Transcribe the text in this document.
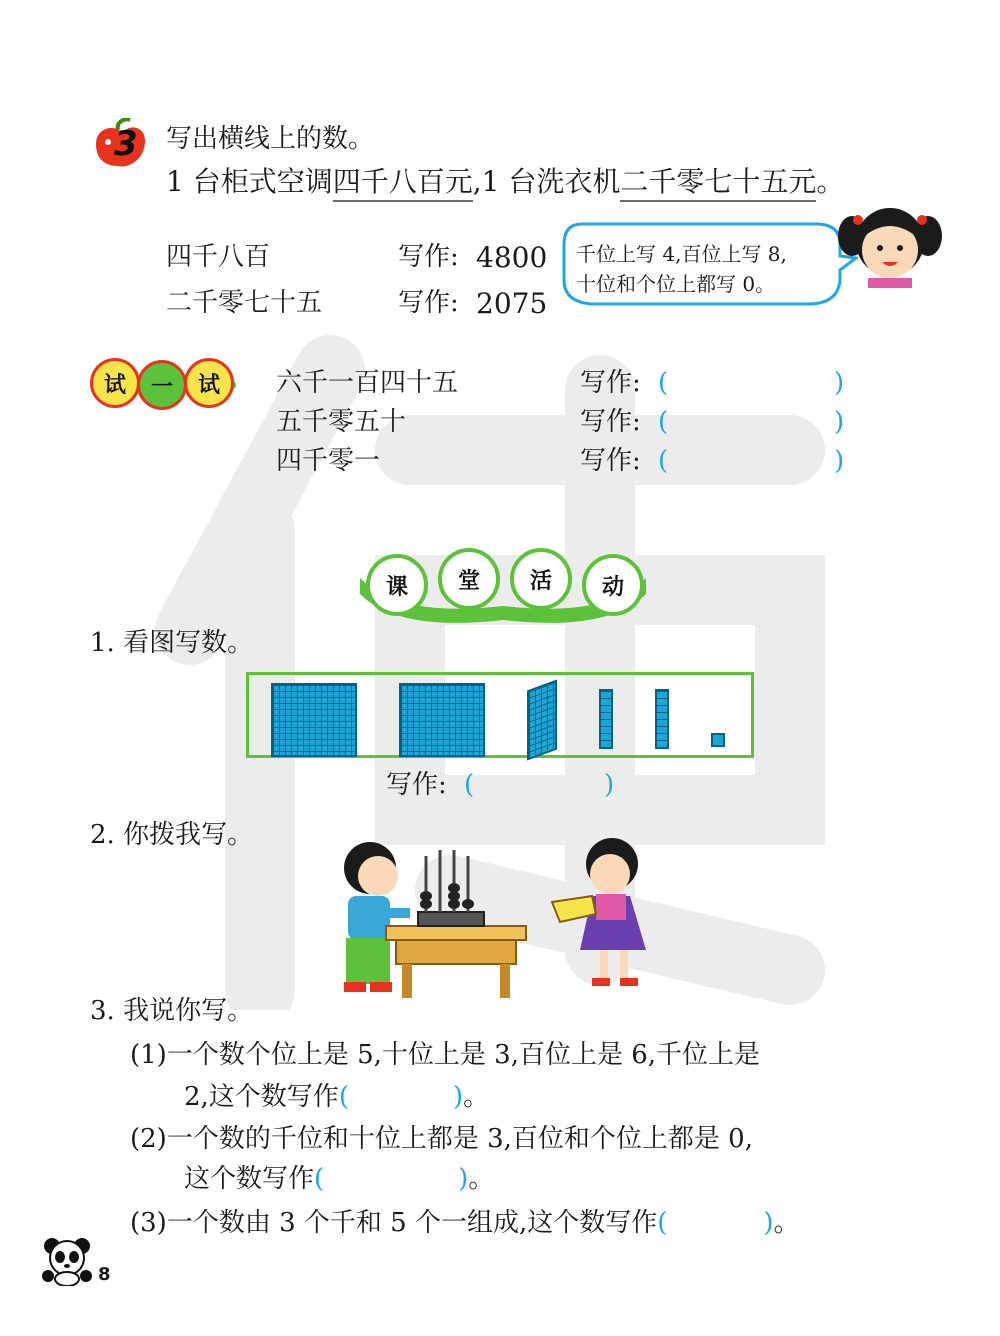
3 写出横线上的数。
1 台柜式空调四千八百元,1 台洗衣机二千零七十五元。
四千八百	写作: 4800
二千零七十五	写作: 2075
千位上写 4,百位上写 8,
十位和个位上都写 0。
试	一	试	六千一百四十五	写作: (	)
五千零五十	写作: (	)
四千零一	写作: (	)
课	堂	活	动
1. 看图写数。
写作: (	)
2. 你拨我写。
3. 我说你写。
(1)一个数个位上是 5,十位上是 3,百位上是 6,千位上是
2,这个数写作(	)。
(2)一个数的千位和十位上都是 3,百位和个位上都是 0,
这个数写作(	)。
(3)一个数由 3 个千和 5 个一组成,这个数写作(	)。
8
